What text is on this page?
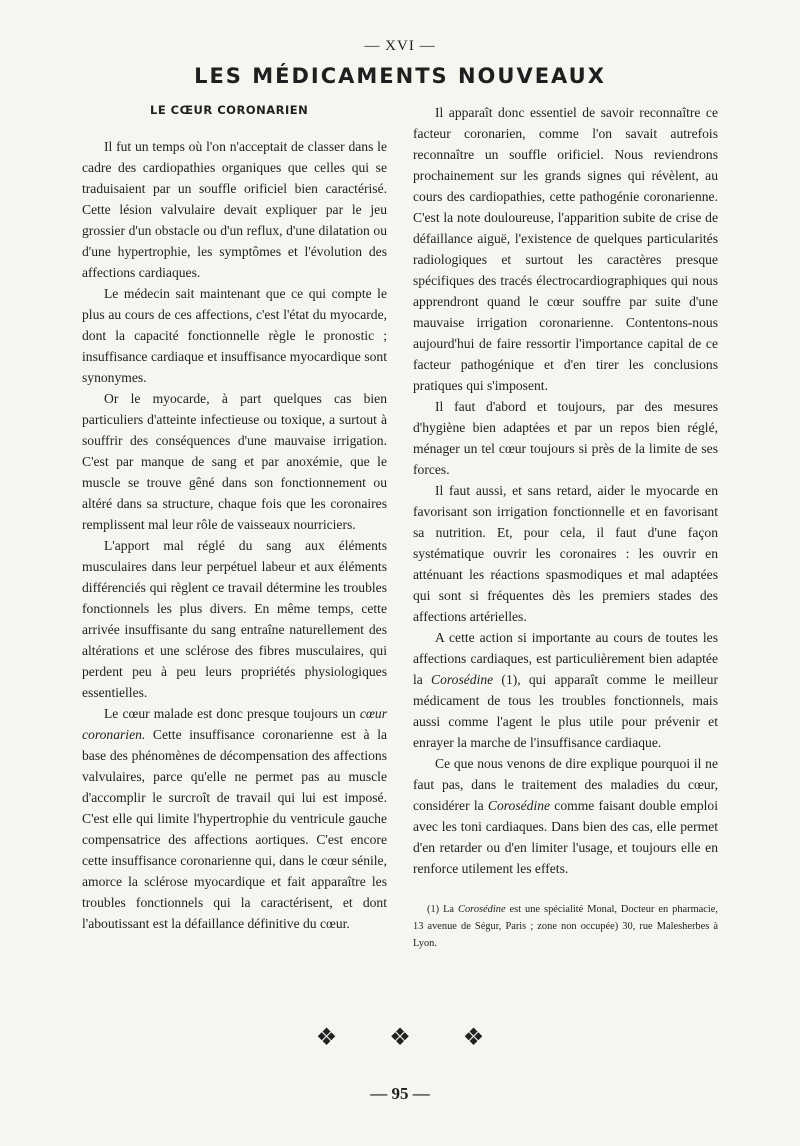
— XVI —
LES MÉDICAMENTS NOUVEAUX
LE CŒUR CORONARIEN

Il fut un temps où l'on n'acceptait de classer dans le cadre des cardiopathies organiques que celles qui se traduisaient par un souffle orificiel bien caractérisé. Cette lésion valvulaire devait expliquer par le jeu grossier d'un obstacle ou d'un reflux, d'une dilatation ou d'une hypertrophie, les symptômes et l'évolution des affections cardiaques.

Le médecin sait maintenant que ce qui compte le plus au cours de ces affections, c'est l'état du myocarde, dont la capacité fonctionnelle règle le pronostic ; insuffisance cardiaque et insuffisance myocardique sont synonymes.

Or le myocarde, à part quelques cas bien particuliers d'atteinte infectieuse ou toxique, a surtout à souffrir des conséquences d'une mauvaise irrigation. C'est par manque de sang et par anoxémie, que le muscle se trouve gêné dans son fonctionnement ou altéré dans sa structure, chaque fois que les coronaires remplissent mal leur rôle de vaisseaux nourriciers.

L'apport mal réglé du sang aux éléments musculaires dans leur perpétuel labeur et aux éléments différenciés qui règlent ce travail détermine les troubles fonctionnels les plus divers. En même temps, cette arrivée insuffisante du sang entraîne naturellement des altérations et une sclérose des fibres musculaires, qui perdent peu à peu leurs propriétés physiologiques essentielles.

Le cœur malade est donc presque toujours un cœur coronarien. Cette insuffisance coronarienne est à la base des phénomènes de décompensation des affections valvulaires, parce qu'elle ne permet pas au muscle d'accomplir le surcroît de travail qui lui est imposé. C'est elle qui limite l'hypertrophie du ventricule gauche compensatrice des affections aortiques. C'est encore cette insuffisance coronarienne qui, dans le cœur sénile, amorce la sclérose myocardique et fait apparaître les troubles fonctionnels qui la caractérisent, et dont l'aboutissant est la défaillance définitive du cœur.

Il apparaît donc essentiel de savoir reconnaître ce facteur coronarien, comme l'on savait autrefois reconnaître un souffle orificiel. Nous reviendrons prochainement sur les grands signes qui révèlent, au cours des cardiopathies, cette pathogénie coronarienne. C'est la note douloureuse, l'apparition subite de crise de défaillance aiguë, l'existence de quelques particularités radiologiques et surtout les caractères presque spécifiques des tracés électrocardiographiques qui nous apprendront quand le cœur souffre par suite d'une mauvaise irrigation coronarienne. Contentons-nous aujourd'hui de faire ressortir l'importance capital de ce facteur pathogénique et d'en tirer les conclusions pratiques qui s'imposent.

Il faut d'abord et toujours, par des mesures d'hygiène bien adaptées et par un repos bien réglé, ménager un tel cœur toujours si près de la limite de ses forces.

Il faut aussi, et sans retard, aider le myocarde en favorisant son irrigation fonctionnelle et en favorisant sa nutrition. Et, pour cela, il faut d'une façon systématique ouvrir les coronaires : les ouvrir en atténuant les réactions spasmodiques et mal adaptées qui sont si fréquentes dès les premiers stades des affections artérielles.

A cette action si importante au cours de toutes les affections cardiaques, est particulièrement bien adaptée la Corosédine (1), qui apparaît comme le meilleur médicament de tous les troubles fonctionnels, mais aussi comme l'agent le plus utile pour prévenir et enrayer la marche de l'insuffisance cardiaque.

Ce que nous venons de dire explique pourquoi il ne faut pas, dans le traitement des maladies du cœur, considérer la Corosédine comme faisant double emploi avec les toni cardiaques. Dans bien des cas, elle permet d'en retarder ou d'en limiter l'usage, et toujours elle en renforce utilement les effets.

(1) La Corosédine est une spécialité Monal, Docteur en pharmacie, 13 avenue de Ségur, Paris ; zone non occupée) 30, rue Malesherbes à Lyon.
❖ ❖ ❖
— 95 —
